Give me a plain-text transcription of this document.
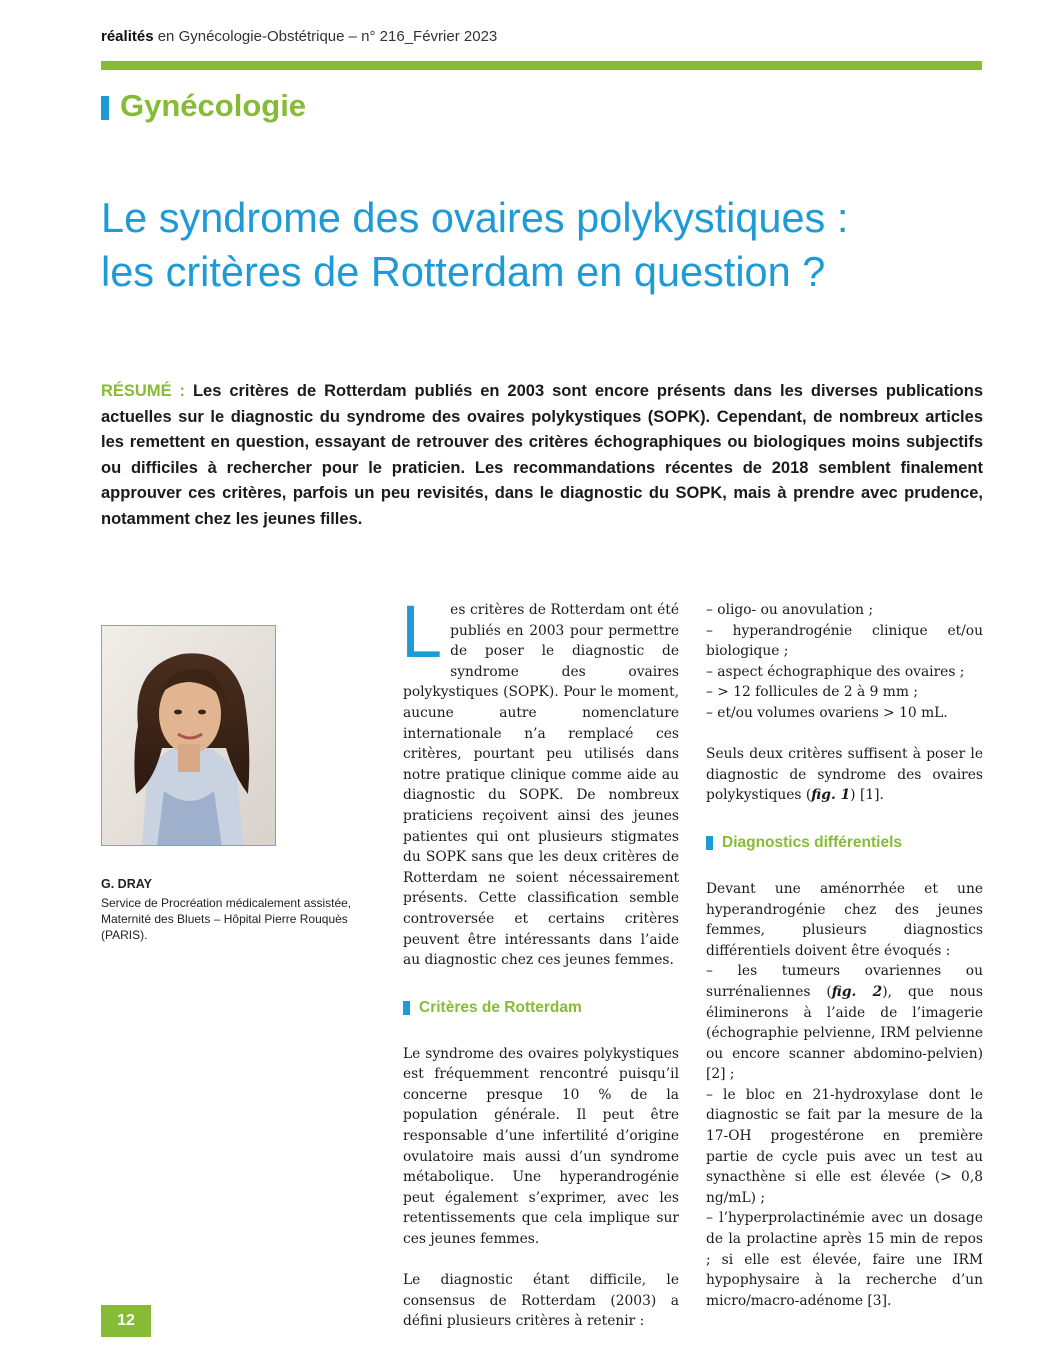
réalités en Gynécologie-Obstétrique – n° 216_Février 2023
Gynécologie
Le syndrome des ovaires polykystiques :
les critères de Rotterdam en question ?
RÉSUMÉ : Les critères de Rotterdam publiés en 2003 sont encore présents dans les diverses publications actuelles sur le diagnostic du syndrome des ovaires polykystiques (SOPK). Cependant, de nombreux articles les remettent en question, essayant de retrouver des critères échographiques ou biologiques moins subjectifs ou difficiles à rechercher pour le praticien. Les recommandations récentes de 2018 semblent finalement approuver ces critères, parfois un peu revisités, dans le diagnostic du SOPK, mais à prendre avec prudence, notamment chez les jeunes filles.
G. DRAY
Service de Procréation médicalement assistée, Maternité des Bluets – Hôpital Pierre Rouquès (PARIS).

Les critères de Rotterdam ont été publiés en 2003 pour permettre de poser le diagnostic de syndrome des ovaires polykystiques (SOPK). Pour le moment, aucune autre nomenclature internationale n’a remplacé ces critères, pourtant peu utilisés dans notre pratique clinique comme aide au diagnostic du SOPK. De nombreux praticiens reçoivent ainsi des jeunes patientes qui ont plusieurs stigmates du SOPK sans que les deux critères de Rotterdam ne soient nécessairement présents. Cette classification semble controversée et certains critères peuvent être intéressants dans l’aide au diagnostic chez ces jeunes femmes.

Critères de Rotterdam

Le syndrome des ovaires polykystiques est fréquemment rencontré puisqu’il concerne presque 10 % de la population générale. Il peut être responsable d’une infertilité d’origine ovulatoire mais aussi d’un syndrome métabolique. Une hyperandrogénie peut également s’exprimer, avec les retentissements que cela implique sur ces jeunes femmes.

Le diagnostic étant difficile, le consensus de Rotterdam (2003) a défini plusieurs critères à retenir :

– oligo- ou anovulation ;
– hyperandrogénie clinique et/ou biologique ;
– aspect échographique des ovaires ;
– > 12 follicules de 2 à 9 mm ;
– et/ou volumes ovariens > 10 mL.

Seuls deux critères suffisent à poser le diagnostic de syndrome des ovaires polykystiques (fig. 1) [1].

Diagnostics différentiels

Devant une aménorrhée et une hyperandrogénie chez des jeunes femmes, plusieurs diagnostics différentiels doivent être évoqués :

– les tumeurs ovariennes ou surrénaliennes (fig. 2), que nous éliminerons à l’aide de l’imagerie (échographie pelvienne, IRM pelvienne ou encore scanner abdomino-pelvien) [2] ;

– le bloc en 21-hydroxylase dont le diagnostic se fait par la mesure de la 17-OH progestérone en première partie de cycle puis avec un test au synacthène si elle est élevée (> 0,8 ng/mL) ;

– l’hyperprolactinémie avec un dosage de la prolactine après 15 min de repos ; si elle est élevée, faire une IRM hypophysaire à la recherche d’un micro/macro-adénome [3].

12
